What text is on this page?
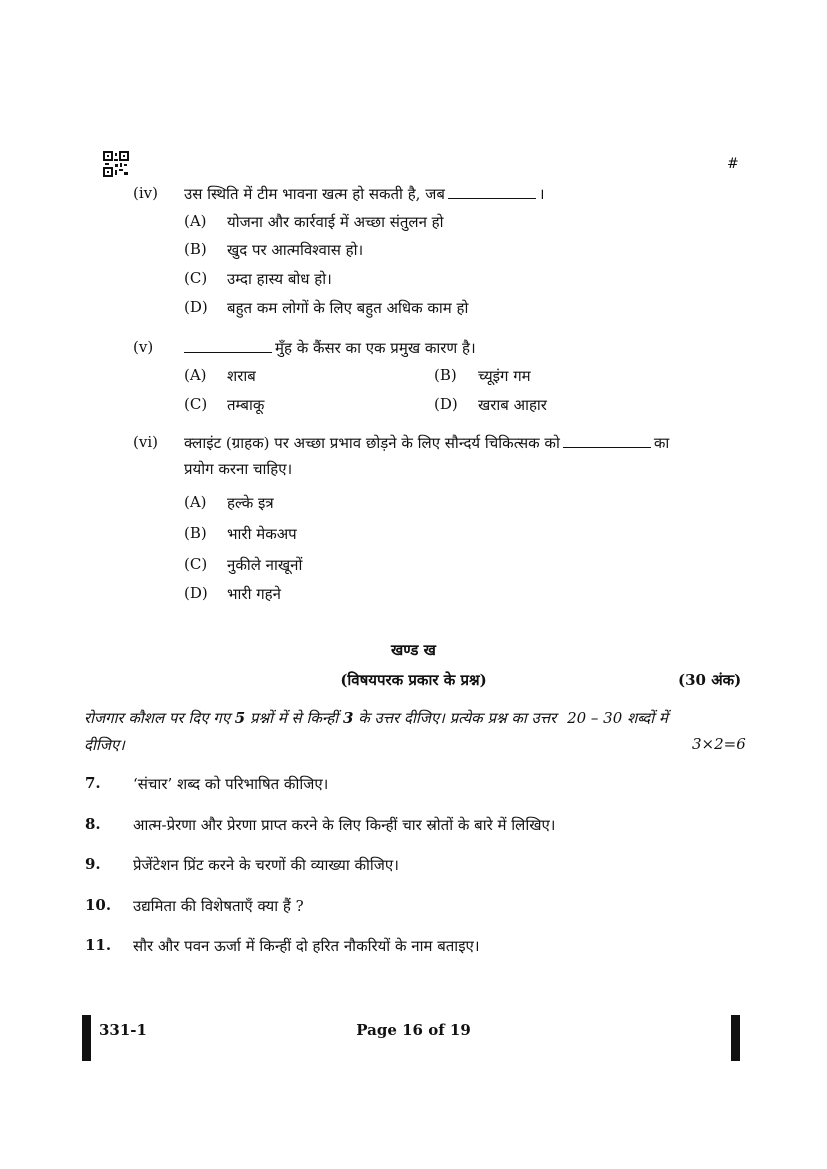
#
(iv) उस स्थिति में टीम भावना खत्म हो सकती है, जब	।
(A) योजना और कार्रवाई में अच्छा संतुलन हो
(B) खुद पर आत्मविश्वास हो।
(C) उम्दा हास्य बोध हो।
(D) बहुत कम लोगों के लिए बहुत अधिक काम हो
(v)	मुँह के कैंसर का एक प्रमुख कारण है।
(A) शराब	(B) च्यूइंग गम
(C) तम्बाकू	(D) खराब आहार
(vi) क्लाइंट (ग्राहक) पर अच्छा प्रभाव छोड़ने के लिए सौन्दर्य चिकित्सक को	का
प्रयोग करना चाहिए।
(A) हल्के इत्र
(B) भारी मेकअप
(C) नुकीले नाखूनों
(D) भारी गहने
खण्ड ख
(विषयपरक प्रकार के प्रश्न)	(30 अंक)
रोजगार कौशल पर दिए गए 5 प्रश्नों में से किन्हीं 3 के उत्तर दीजिए। प्रत्येक प्रश्न का उत्तर 20 – 30 शब्दों में
दीजिए।	3×2=6
7. ‘संचार’ शब्द को परिभाषित कीजिए।
8. आत्म-प्रेरणा और प्रेरणा प्राप्त करने के लिए किन्हीं चार स्रोतों के बारे में लिखिए।
9. प्रेजेंटेशन प्रिंट करने के चरणों की व्याख्या कीजिए।
10. उद्यमिता की विशेषताएँ क्या हैं ?
11. सौर और पवन ऊर्जा में किन्हीं दो हरित नौकरियों के नाम बताइए।
331-1	Page 16 of 19
